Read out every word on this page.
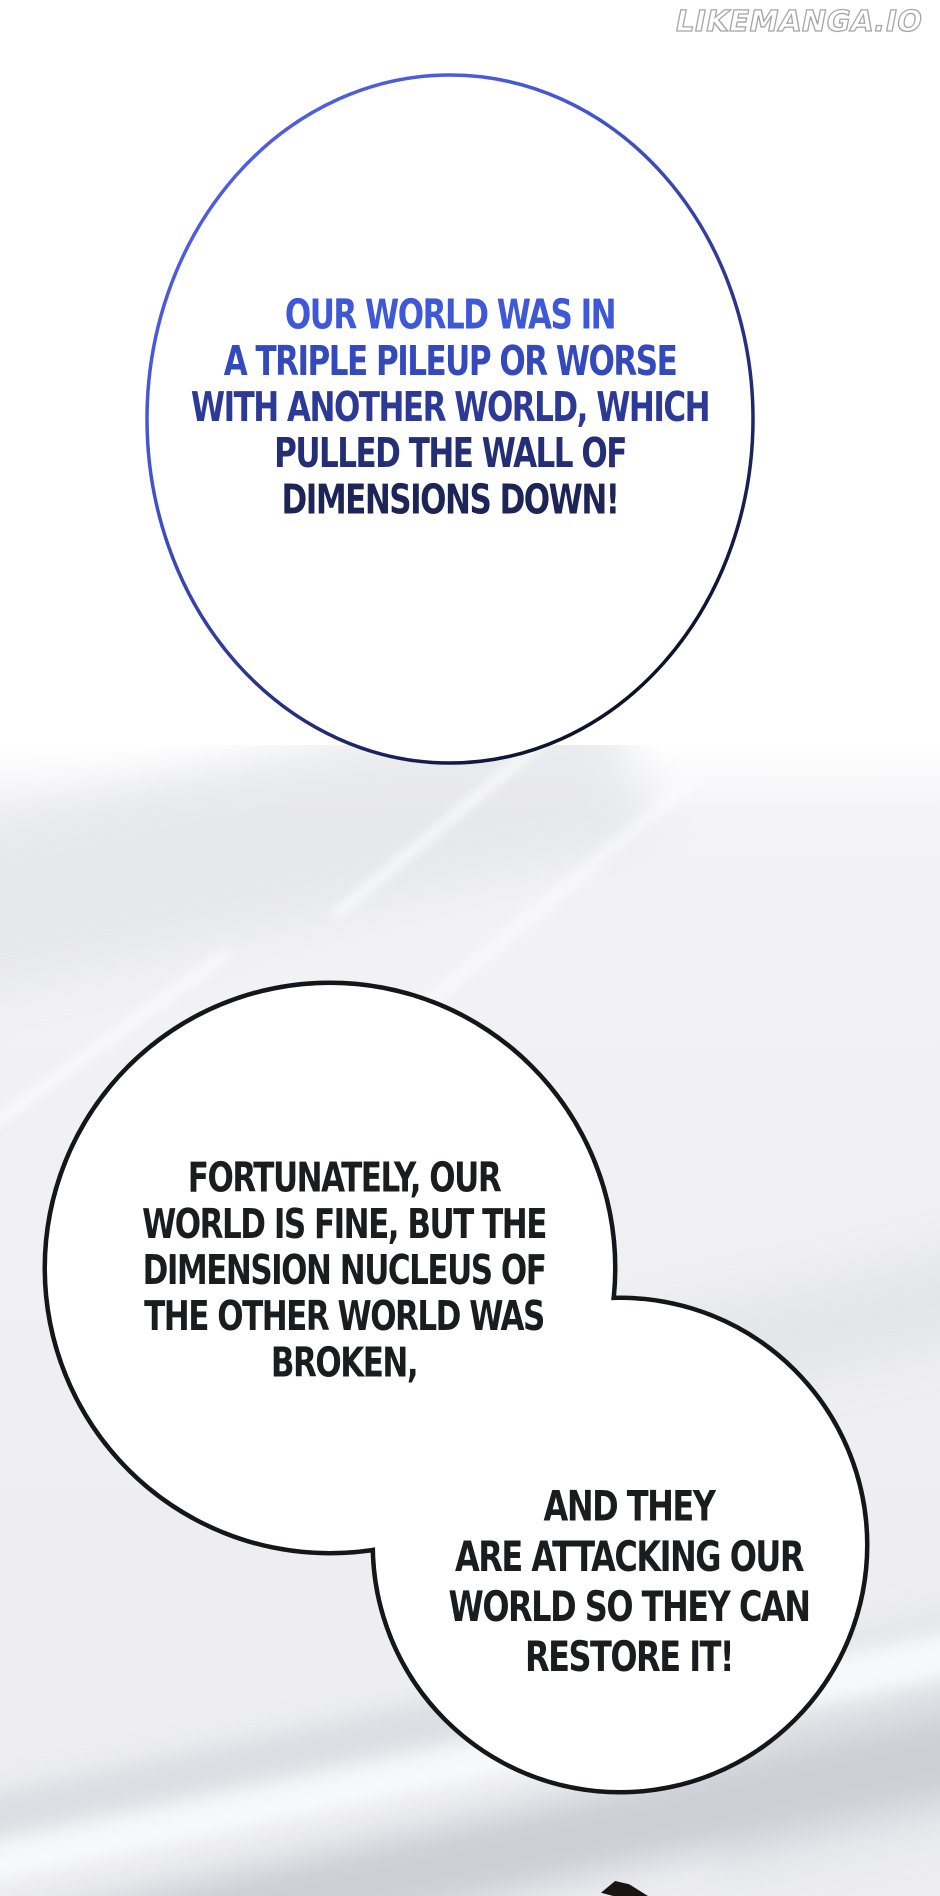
LIKEMANGA.IO
OUR WORLD WAS IN
A TRIPLE PILEUP OR WORSE
WITH ANOTHER WORLD, WHICH
PULLED THE WALL OF
DIMENSIONS DOWN!
FORTUNATELY, OUR
WORLD IS FINE, BUT THE
DIMENSION NUCLEUS OF
THE OTHER WORLD WAS
BROKEN,
AND THEY
ARE ATTACKING OUR
WORLD SO THEY CAN
RESTORE IT!
